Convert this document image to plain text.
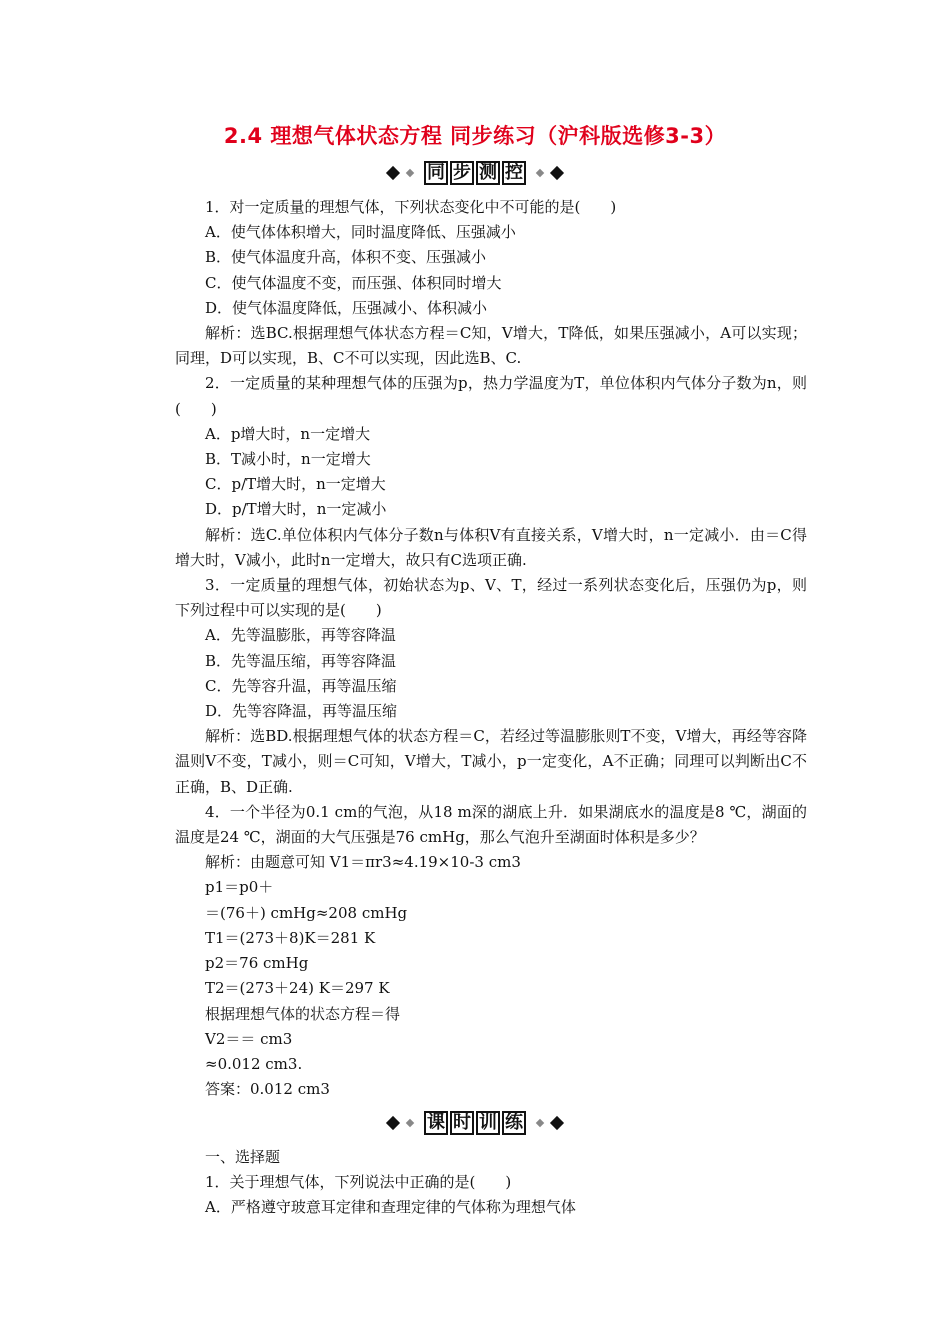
2.4 理想气体状态方程 同步练习（沪科版选修3-3）
同 步 测 控

1．对一定质量的理想气体，下列状态变化中不可能的是(　　)

A．使气体体积增大，同时温度降低、压强减小

B．使气体温度升高，体积不变、压强减小

C．使气体温度不变，而压强、体积同时增大

D．使气体温度降低，压强减小、体积减小

解析：选BC.根据理想气体状态方程＝C知，V增大，T降低，如果压强减小，A可以实现；同理，D可以实现，B、C不可以实现，因此选B、C.

2．一定质量的某种理想气体的压强为p，热力学温度为T，单位体积内气体分子数为n，则(　　)

A．p增大时，n一定增大

B．T减小时，n一定增大

C．p/T增大时，n一定增大

D．p/T增大时，n一定减小

解析：选C.单位体积内气体分子数n与体积V有直接关系，V增大时，n一定减小．由＝C得增大时，V减小，此时n一定增大，故只有C选项正确.

3．一定质量的理想气体，初始状态为p、V、T，经过一系列状态变化后，压强仍为p，则下列过程中可以实现的是(　　)

A．先等温膨胀，再等容降温

B．先等温压缩，再等容降温

C．先等容升温，再等温压缩

D．先等容降温，再等温压缩

解析：选BD.根据理想气体的状态方程＝C，若经过等温膨胀则T不变，V增大，再经等容降温则V不变，T减小，则＝C可知，V增大，T减小，p一定变化，A不正确；同理可以判断出C不正确，B、D正确.

4．一个半径为0.1 cm的气泡，从18 m深的湖底上升．如果湖底水的温度是8 ℃，湖面的温度是24 ℃，湖面的大气压强是76 cmHg，那么气泡升至湖面时体积是多少？

解析：由题意可知 V1＝πr3≈4.19×10-3 cm3

p1＝p0＋

＝(76＋) cmHg≈208 cmHg

T1＝(273＋8)K＝281 K

p2＝76 cmHg

T2＝(273＋24) K＝297 K

根据理想气体的状态方程＝得

V2＝＝ cm3

≈0.012 cm3.

答案：0.012 cm3

课 时 训 练

一、选择题

1．关于理想气体，下列说法中正确的是(　　)

A．严格遵守玻意耳定律和查理定律的气体称为理想气体
